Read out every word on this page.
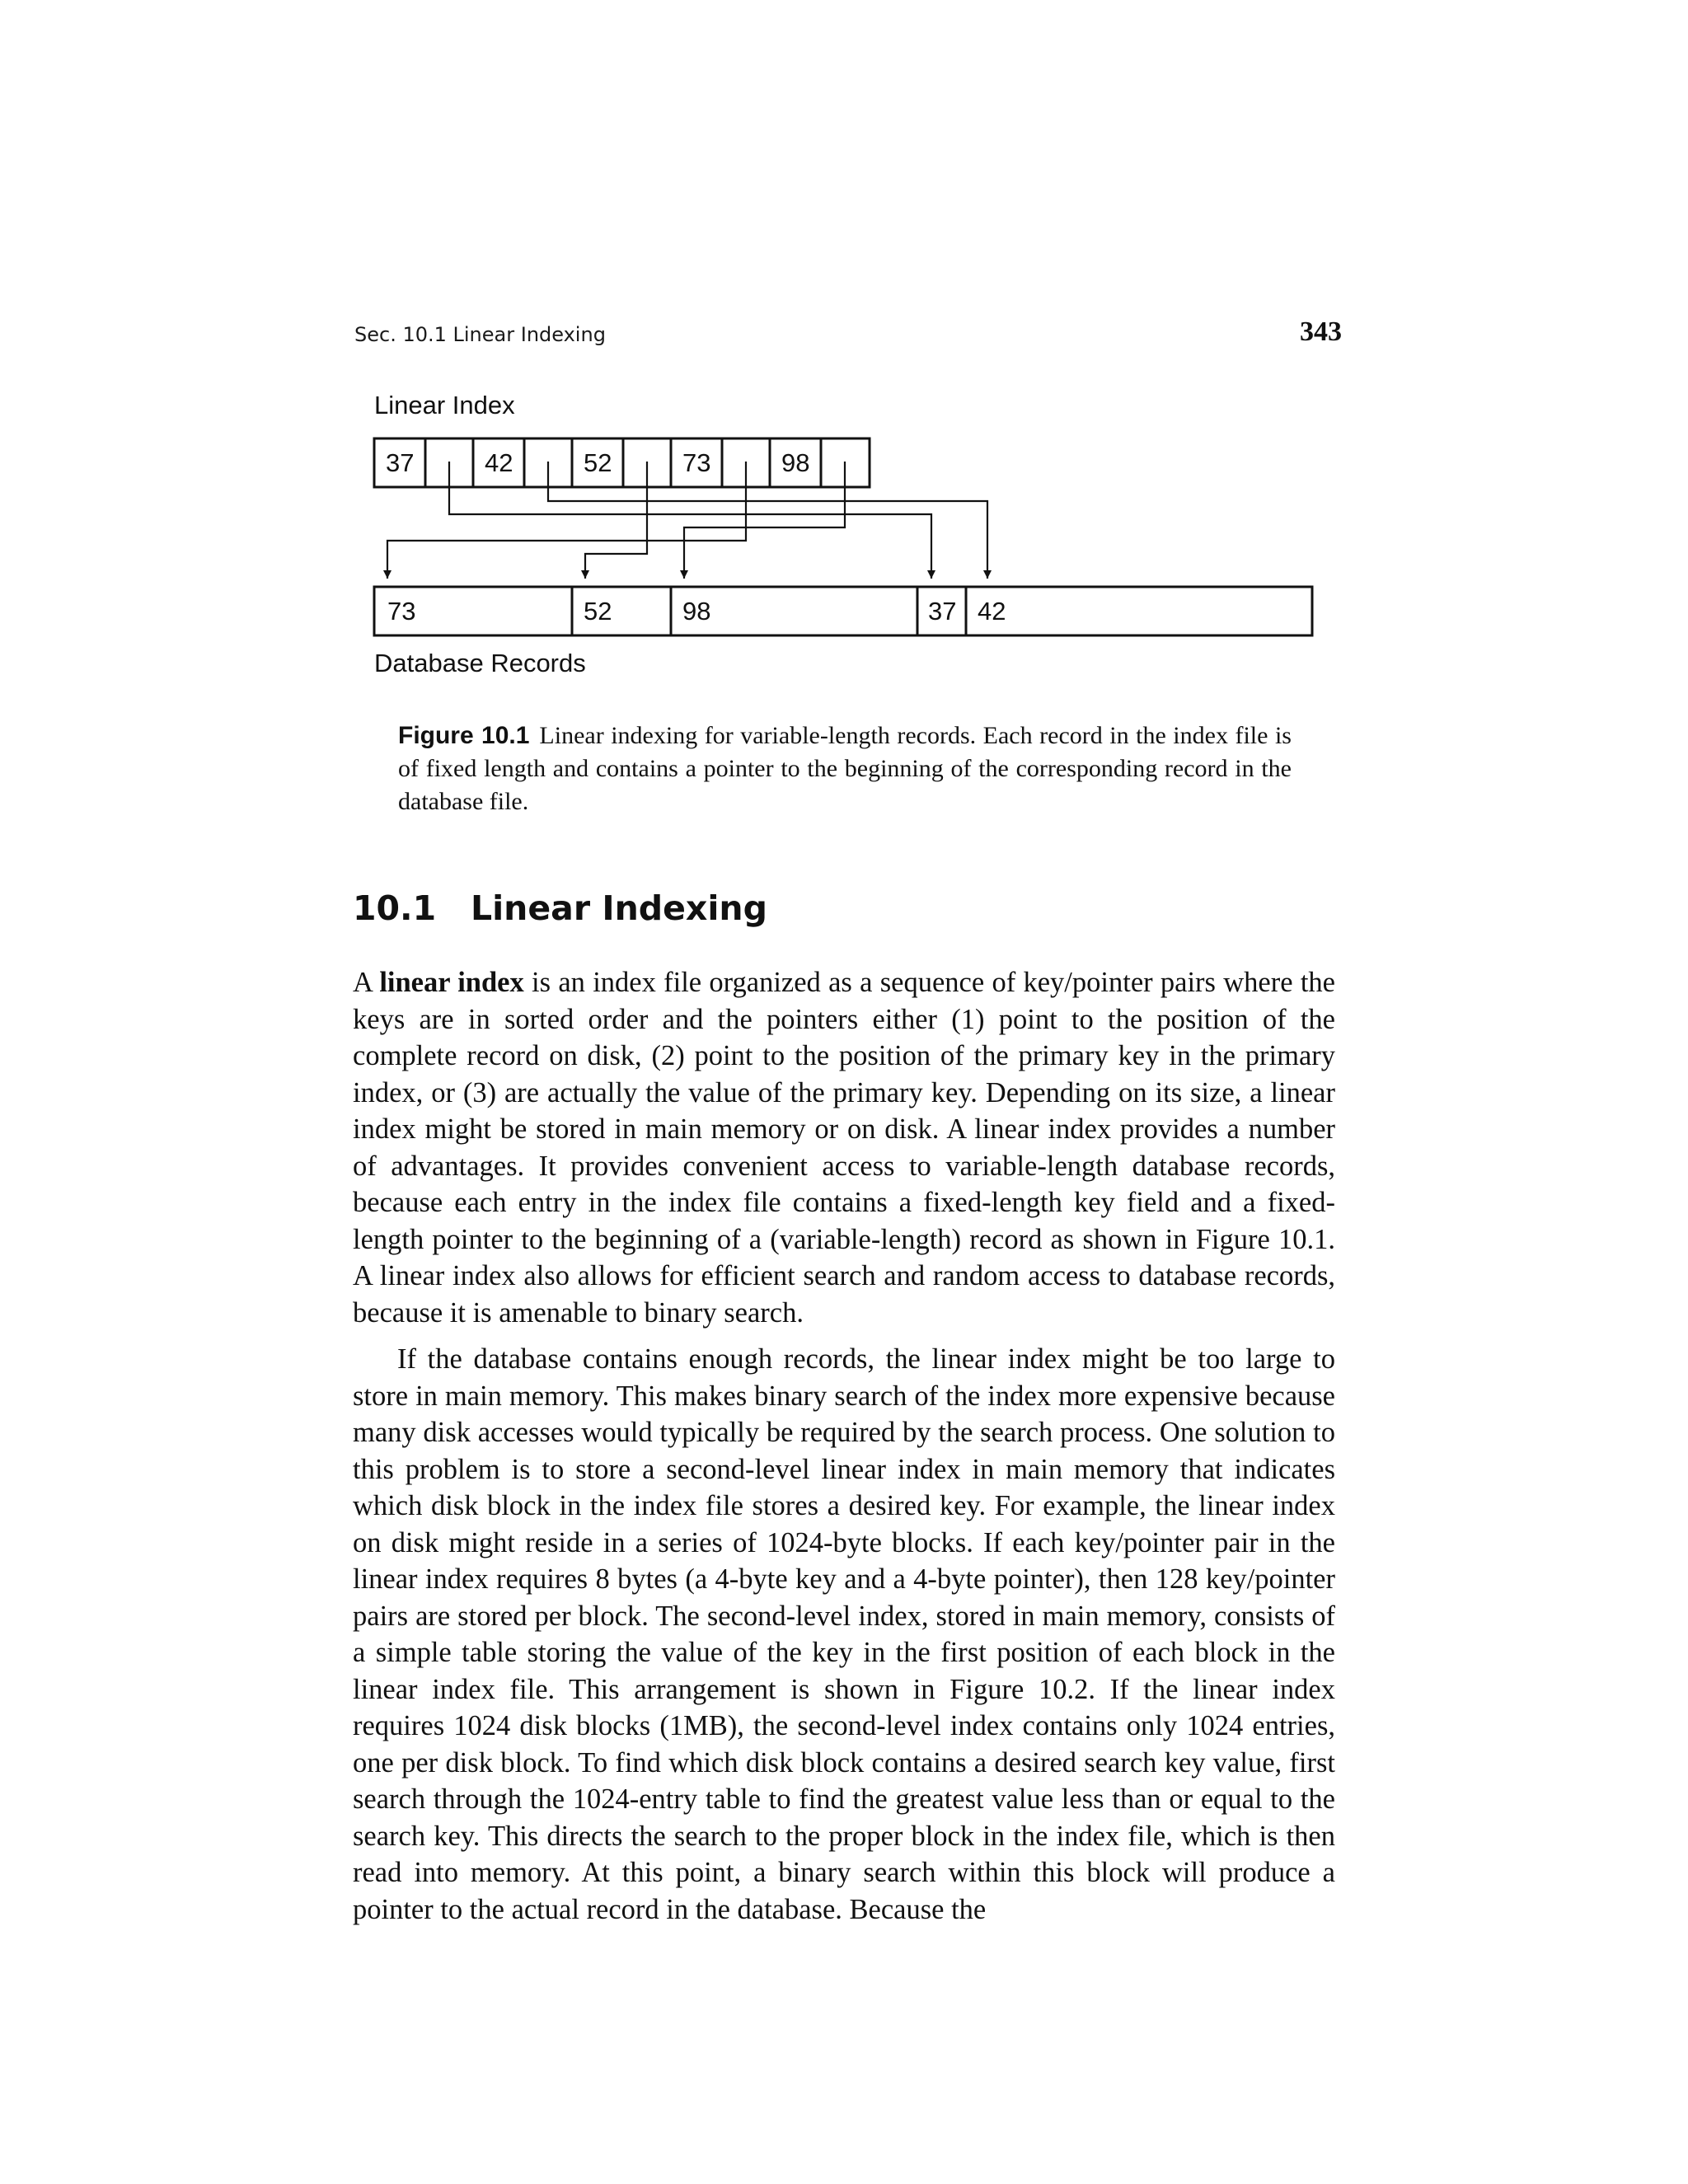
Sec. 10.1 Linear Indexing	343
Linear Index
37	42	52	73	98
73	52	98	37 42
Database Records
Figure 10.1 Linear indexing for variable-length records. Each record in the index file is of fixed length and contains a pointer to the beginning of the corresponding record in the database file.
10.1 Linear Indexing

A linear index is an index file organized as a sequence of key/pointer pairs where the keys are in sorted order and the pointers either (1) point to the position of the complete record on disk, (2) point to the position of the primary key in the primary index, or (3) are actually the value of the primary key. Depending on its size, a linear index might be stored in main memory or on disk. A linear index provides a number of advantages. It provides convenient access to variable-length database records, because each entry in the index file contains a fixed-length key field and a fixed-length pointer to the beginning of a (variable-length) record as shown in Figure 10.1. A linear index also allows for efficient search and random access to database records, because it is amenable to binary search.

If the database contains enough records, the linear index might be too large to store in main memory. This makes binary search of the index more expensive because many disk accesses would typically be required by the search process. One solution to this problem is to store a second-level linear index in main memory that indicates which disk block in the index file stores a desired key. For example, the linear index on disk might reside in a series of 1024-byte blocks. If each key/pointer pair in the linear index requires 8 bytes (a 4-byte key and a 4-byte pointer), then 128 key/pointer pairs are stored per block. The second-level index, stored in main memory, consists of a simple table storing the value of the key in the first position of each block in the linear index file. This arrangement is shown in Figure 10.2. If the linear index requires 1024 disk blocks (1MB), the second-level index contains only 1024 entries, one per disk block. To find which disk block contains a desired search key value, first search through the 1024-entry table to find the greatest value less than or equal to the search key. This directs the search to the proper block in the index file, which is then read into memory. At this point, a binary search within this block will produce a pointer to the actual record in the database. Because the
